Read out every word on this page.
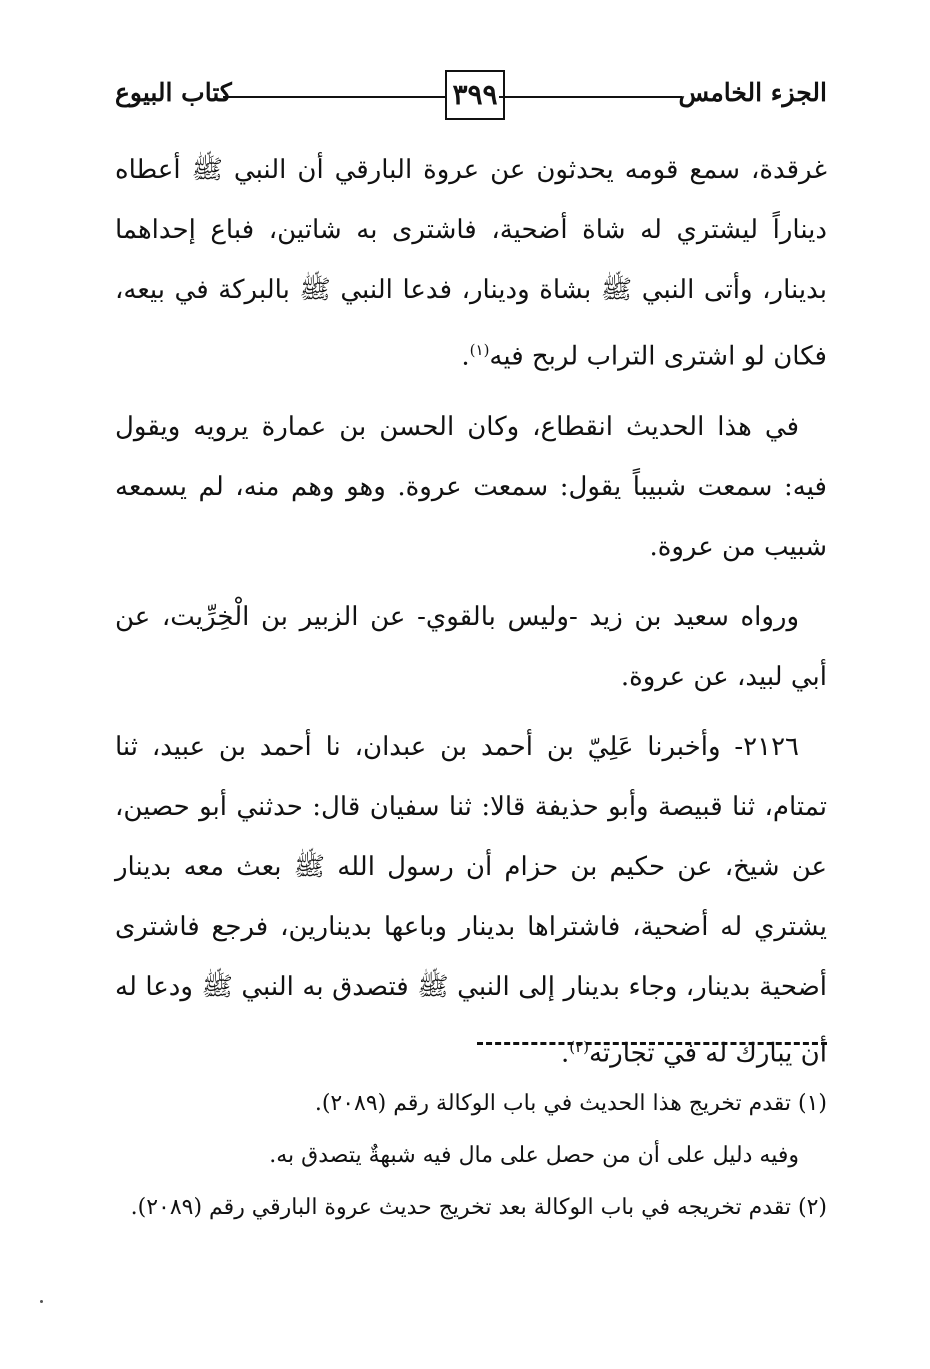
الجزء الخامس
٣٩٩
كتاب البيوع

غرقدة، سمع قومه يحدثون عن عروة البارقي أن النبي ﷺ أعطاه ديناراً ليشتري له شاة أضحية، فاشترى به شاتين، فباع إحداهما بدينار، وأتى النبي ﷺ بشاة ودينار، فدعا النبي ﷺ بالبركة في بيعه، فكان لو اشترى التراب لربح فيه$^{(١)}$.

في هذا الحديث انقطاع، وكان الحسن بن عمارة يرويه ويقول فيه: سمعت شبيباً يقول: سمعت عروة. وهو وهم منه، لم يسمعه شبيب من عروة.

ورواه سعيد بن زيد -وليس بالقوي- عن الزبير بن الْخِرِّيت، عن أبي لبيد، عن عروة.

٢١٢٦- وأخبرنا عَلِيّ بن أحمد بن عبدان، نا أحمد بن عبيد، ثنا تمتام، ثنا قبيصة وأبو حذيفة قالا: ثنا سفيان قال: حدثني أبو حصين، عن شيخ، عن حكيم بن حزام أن رسول الله ﷺ بعث معه بدينار يشتري له أضحية، فاشتراها بدينار وباعها بدينارين، فرجع فاشترى أضحية بدينار، وجاء بدينار إلى النبي ﷺ فتصدق به النبي ﷺ ودعا له أن يبارك له في تجارته$^{(٢)}$.

(١) تقدم تخريج هذا الحديث في باب الوكالة رقم (٢٠٨٩).

وفيه دليل على أن من حصل على مال فيه شبهةٌ يتصدق به.

(٢) تقدم تخريجه في باب الوكالة بعد تخريج حديث عروة البارقي رقم (٢٠٨٩).
